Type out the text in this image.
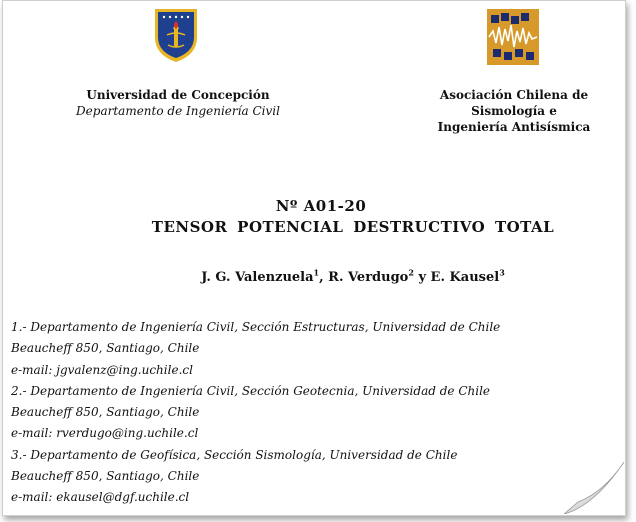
Universidad de Concepción
Departamento de Ingeniería Civil
Asociación Chilena de Sismología e
Ingeniería Antisísmica
Nº A01-20
TENSOR POTENCIAL DESTRUCTIVO TOTAL
J. G. Valenzuela$^1$, R. Verdugo$^2$ y E. Kausel$^3$
1.- Departamento de Ingeniería Civil, Sección Estructuras, Universidad de Chile
Beaucheff 850, Santiago, Chile
e-mail: jgvalenz@ing.uchile.cl
2.- Departamento de Ingeniería Civil, Sección Geotecnia, Universidad de Chile
Beaucheff 850, Santiago, Chile
e-mail: rverdugo@ing.uchile.cl
3.- Departamento de Geofísica, Sección Sismología, Universidad de Chile
Beaucheff 850, Santiago, Chile
e-mail: ekausel@dgf.uchile.cl
